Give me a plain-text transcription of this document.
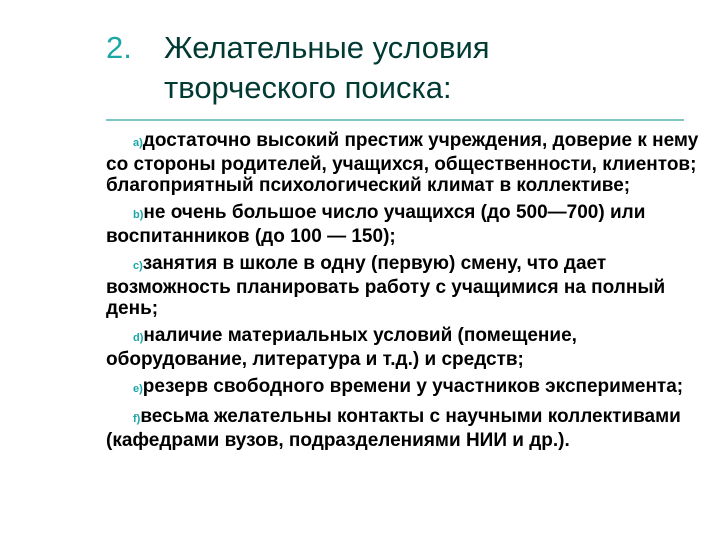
2.	Желательные условия
творческого поиска:
a)достаточно высокий престиж учреждения, доверие к нему со стороны родителей, учащихся, общественности, клиентов; благоприятный психологический климат в коллективе;
b)не очень большое число учащихся (до 500—700) или воспитанников (до 100 — 150);
c)занятия в школе в одну (первую) смену, что дает возможность планировать работу с учащимися на полный день;
d)наличие материальных условий (помещение, оборудование, литература и т.д.) и средств;
e)резерв свободного времени у участников эксперимента;
f)весьма желательны контакты с научными коллективами (кафедрами вузов, подразделениями НИИ и др.).
